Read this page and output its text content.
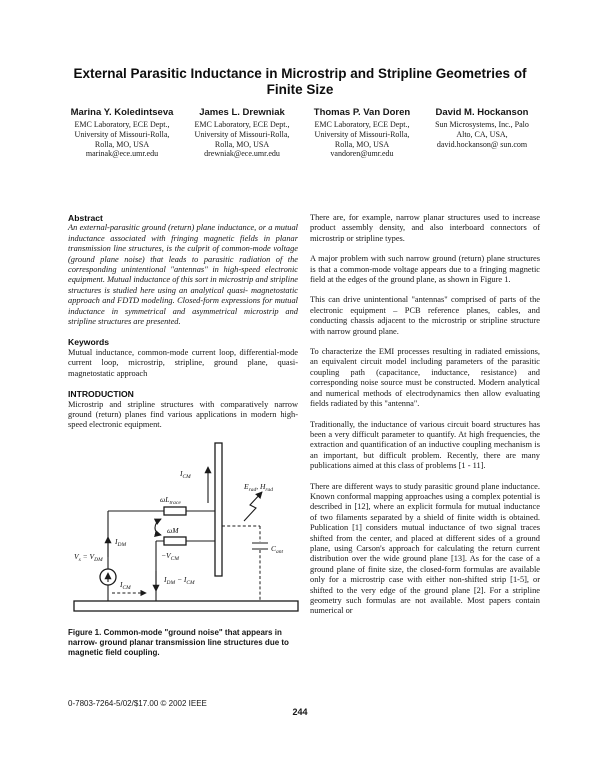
External Parasitic Inductance in Microstrip and Stripline Geometries of Finite Size
Marina Y. Koledintseva
EMC Laboratory, ECE Dept., University of Missouri-Rolla, Rolla, MO, USA
marinak@ece.umr.edu
James L. Drewniak
EMC Laboratory, ECE Dept., University of Missouri-Rolla, Rolla, MO, USA
drewniak@ece.umr.edu
Thomas P. Van Doren
EMC Laboratory, ECE Dept., University of Missouri-Rolla, Rolla, MO, USA
vandoren@umr.edu
David M. Hockanson
Sun Microsystems, Inc., Palo Alto, CA, USA,
david.hockanson@ sun.com
Abstract

An external-parasitic ground (return) plane inductance, or a mutual inductance associated with fringing magnetic fields in planar transmission line structures, is the culprit of common-mode voltage (ground plane noise) that leads to parasitic radiation of the corresponding unintentional "antennas" in high-speed electronic equipment. Mutual inductance of this sort in microstrip and stripline structures is studied here using an analytical quasi- magnetostatic approach and FDTD modeling. Closed-form expressions for mutual inductance in symmetrical and asymmetrical microstrip and stripline structures are presented.

Keywords

Mutual inductance, common-mode current loop, differential-mode current loop, microstrip, stripline, ground plane, quasi-magnetostatic approach

INTRODUCTION

Microstrip and stripline structures with comparatively narrow ground (return) planes find various applications in modern high-speed electronic equipment.

$I_{CM}$
$E_{rad}$, $H_{rad}$
$\omega L_{trace}$
ωM
$I_{DM}$
$V_s = V_{DM}$	$-V_{CM}$
$I_{DM} - I_{CM}$
$I_{CM}$
$C_{ant}$
Figure 1. Common-mode "ground noise" that appears in narrow- ground planar transmission line structures due to magnetic field coupling.

There are, for example, narrow planar structures used to increase product assembly density, and also interboard connectors of microstrip or stripline types.

A major problem with such narrow ground (return) plane structures is that a common-mode voltage appears due to a fringing magnetic field at the edges of the ground plane, as shown in Figure 1.

This can drive unintentional "antennas" comprised of parts of the electronic equipment – PCB reference planes, cables, and conducting chassis adjacent to the microstrip or stripline structure with narrow ground plane.

To characterize the EMI processes resulting in radiated emissions, an equivalent circuit model including parameters of the parasitic coupling path (capacitance, inductance, resistance) and corresponding noise source must be constructed. Modern analytical and numerical methods of electrodynamics then allow evaluating fields radiated by this "antenna".

Traditionally, the inductance of various circuit board structures has been a very difficult parameter to quantify. At high frequencies, the extraction and quantification of an inductive coupling mechanism is an important, but difficult problem. Recently, there are many publications aimed at this class of problems [1 - 11].

There are different ways to study parasitic ground plane inductance. Known conformal mapping approaches using a complex potential is described in [12], where an explicit formula for mutual inductance of two filaments separated by a shield of finite width is obtained. Publication [1] considers mutual inductance of two signal traces shifted from the center, and placed at different sides of a ground plane, using Carson's approach for calculating the return current distribution over the wide ground plane [13]. As for the case of a ground plane of finite size, the closed-form formulas are available only for a microstrip case with either non-shifted strip [1-5], or shifted to the very edge of the ground plane [2]. For a stripline geometry such formulas are not available. Most papers contain numerical or

0-7803-7264-5/02/$17.00 © 2002 IEEE
244
